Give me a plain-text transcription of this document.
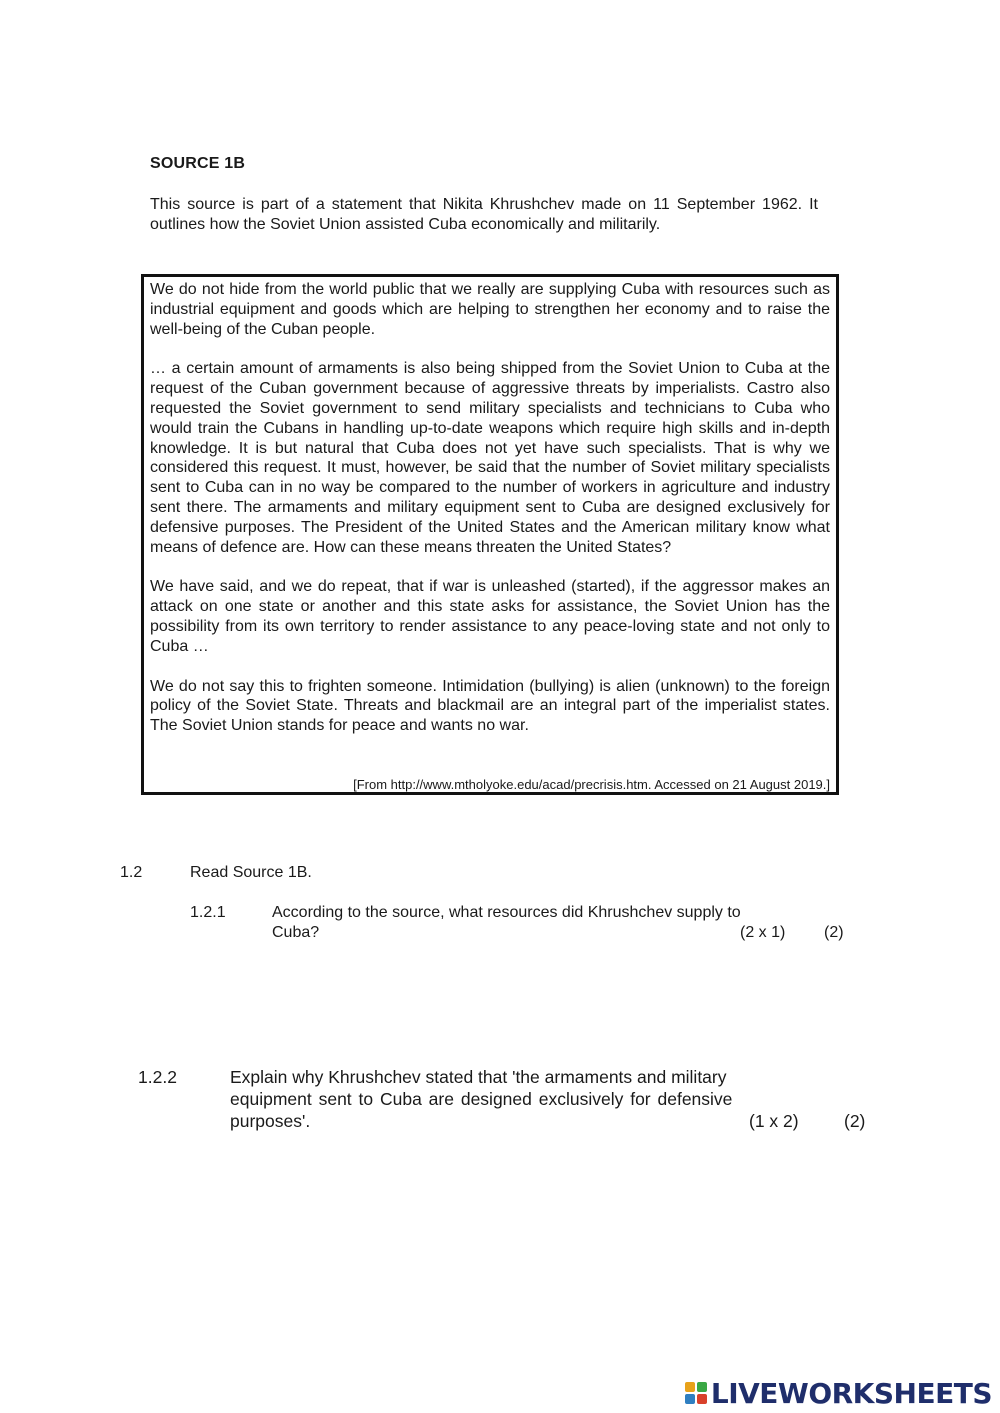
SOURCE 1B
This source is part of a statement that Nikita Khrushchev made on 11 September 1962. It outlines how the Soviet Union assisted Cuba economically and militarily.

We do not hide from the world public that we really are supplying Cuba with resources such as industrial equipment and goods which are helping to strengthen her economy and to raise the well-being of the Cuban people.

… a certain amount of armaments is also being shipped from the Soviet Union to Cuba at the request of the Cuban government because of aggressive threats by imperialists. Castro also requested the Soviet government to send military specialists and technicians to Cuba who would train the Cubans in handling up-to-date weapons which require high skills and in-depth knowledge. It is but natural that Cuba does not yet have such specialists. That is why we considered this request. It must, however, be said that the number of Soviet military specialists sent to Cuba can in no way be compared to the number of workers in agriculture and industry sent there. The armaments and military equipment sent to Cuba are designed exclusively for defensive purposes. The President of the United States and the American military know what means of defence are. How can these means threaten the United States?

We have said, and we do repeat, that if war is unleashed (started), if the aggressor makes an attack on one state or another and this state asks for assistance, the Soviet Union has the possibility from its own territory to render assistance to any peace-loving state and not only to Cuba …

We do not say this to frighten someone. Intimidation (bullying) is alien (unknown) to the foreign policy of the Soviet State. Threats and blackmail are an integral part of the imperialist states. The Soviet Union stands for peace and wants no war.

[From http://www.mtholyoke.edu/acad/precrisis.htm. Accessed on 21 August 2019.]
1.2	Read Source 1B.
1.2.1	According to the source, what resources did Khrushchev supply to
Cuba?	(2 x 1) (2)
1.2.2	Explain why Khrushchev stated that 'the armaments and military
equipment sent to Cuba are designed exclusively for defensive
purposes'.	(1 x 2)	(2)
LIVEWORKSHEETS
